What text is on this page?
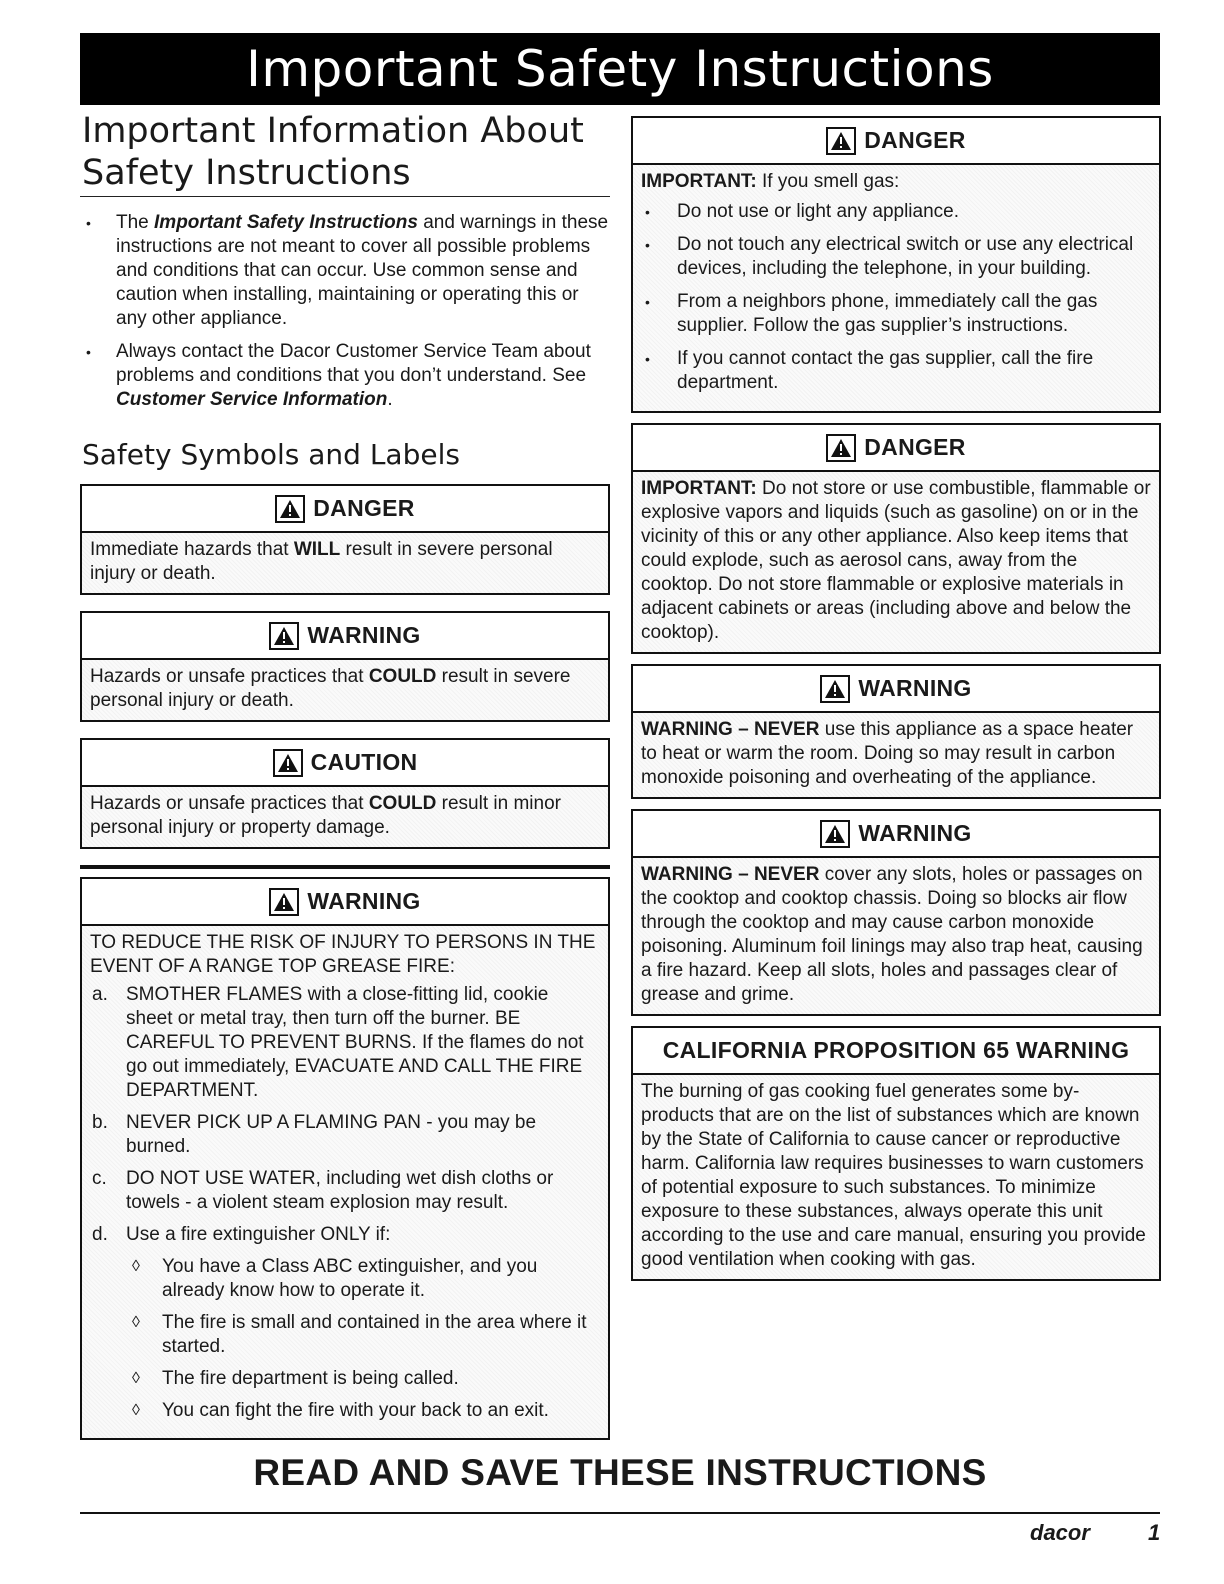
Important Safety Instructions
Important Information About Safety Instructions
• The Important Safety Instructions and warnings in these instructions are not meant to cover all possible problems and conditions that can occur. Use common sense and caution when installing, maintaining or operating this or any other appliance.
• Always contact the Dacor Customer Service Team about problems and conditions that you don’t understand. See Customer Service Information.
Safety Symbols and Labels
DANGER
Immediate hazards that WILL result in severe personal injury or death.
WARNING
Hazards or unsafe practices that COULD result in severe personal injury or death.
CAUTION
Hazards or unsafe practices that COULD result in minor personal injury or property damage.
WARNING
TO REDUCE THE RISK OF INJURY TO PERSONS IN THE EVENT OF A RANGE TOP GREASE FIRE:
a. SMOTHER FLAMES with a close-fitting lid, cookie sheet or metal tray, then turn off the burner. BE CAREFUL TO PREVENT BURNS. If the flames do not go out immediately, EVACUATE AND CALL THE FIRE DEPARTMENT.
b. NEVER PICK UP A FLAMING PAN - you may be burned.
c. DO NOT USE WATER, including wet dish cloths or towels - a violent steam explosion may result.
d. Use a fire extinguisher ONLY if:
◊ You have a Class ABC extinguisher, and you already know how to operate it.
◊ The fire is small and contained in the area where it started.
◊ The fire department is being called.
◊ You can fight the fire with your back to an exit.
DANGER
IMPORTANT: If you smell gas:
• Do not use or light any appliance.
• Do not touch any electrical switch or use any electrical devices, including the telephone, in your building.
• From a neighbors phone, immediately call the gas supplier. Follow the gas supplier’s instructions.
• If you cannot contact the gas supplier, call the fire department.
DANGER
IMPORTANT: Do not store or use combustible, flammable or explosive vapors and liquids (such as gasoline) on or in the vicinity of this or any other appliance. Also keep items that could explode, such as aerosol cans, away from the cooktop. Do not store flammable or explosive materials in adjacent cabinets or areas (including above and below the cooktop).
WARNING
WARNING – NEVER use this appliance as a space heater to heat or warm the room. Doing so may result in carbon monoxide poisoning and overheating of the appliance.
WARNING
WARNING – NEVER cover any slots, holes or passages on the cooktop and cooktop chassis. Doing so blocks air flow through the cooktop and may cause carbon monoxide poisoning. Aluminum foil linings may also trap heat, causing a fire hazard. Keep all slots, holes and passages clear of grease and grime.
CALIFORNIA PROPOSITION 65 WARNING
The burning of gas cooking fuel generates some by-products that are on the list of substances which are known by the State of California to cause cancer or reproductive harm. California law requires businesses to warn customers of potential exposure to such substances. To minimize exposure to these substances, always operate this unit according to the use and care manual, ensuring you provide good ventilation when cooking with gas.
READ AND SAVE THESE INSTRUCTIONS
dacor	1
